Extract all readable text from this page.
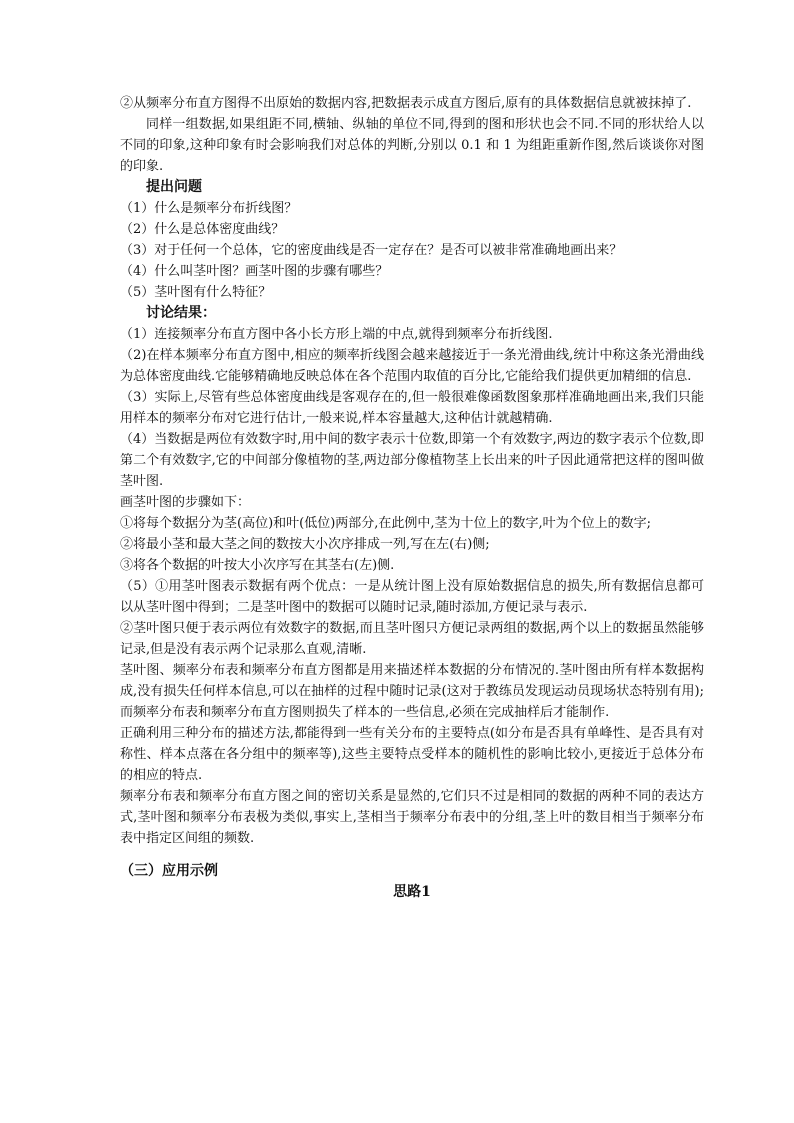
②从频率分布直方图得不出原始的数据内容,把数据表示成直方图后,原有的具体数据信息就被抹掉了.

同样一组数据,如果组距不同,横轴、纵轴的单位不同,得到的图和形状也会不同.不同的形状给人以不同的印象,这种印象有时会影响我们对总体的判断,分别以 0.1 和 1 为组距重新作图,然后谈谈你对图的印象.

提出问题

（1）什么是频率分布折线图？

（2）什么是总体密度曲线？

（3）对于任何一个总体，它的密度曲线是否一定存在？是否可以被非常准确地画出来？

（4）什么叫茎叶图？画茎叶图的步骤有哪些？

（5）茎叶图有什么特征？

讨论结果：

（1）连接频率分布直方图中各小长方形上端的中点,就得到频率分布折线图.

（2)在样本频率分布直方图中,相应的频率折线图会越来越接近于一条光滑曲线,统计中称这条光滑曲线为总体密度曲线.它能够精确地反映总体在各个范围内取值的百分比,它能给我们提供更加精细的信息.

（3）实际上,尽管有些总体密度曲线是客观存在的,但一般很难像函数图象那样准确地画出来,我们只能用样本的频率分布对它进行估计,一般来说,样本容量越大,这种估计就越精确.

（4）当数据是两位有效数字时,用中间的数字表示十位数,即第一个有效数字,两边的数字表示个位数,即第二个有效数字,它的中间部分像植物的茎,两边部分像植物茎上长出来的叶子因此通常把这样的图叫做茎叶图.

画茎叶图的步骤如下：

①将每个数据分为茎(高位)和叶(低位)两部分,在此例中,茎为十位上的数字,叶为个位上的数字;

②将最小茎和最大茎之间的数按大小次序排成一列,写在左(右)侧;

③将各个数据的叶按大小次序写在其茎右(左)侧.

（5）①用茎叶图表示数据有两个优点：一是从统计图上没有原始数据信息的损失,所有数据信息都可以从茎叶图中得到；二是茎叶图中的数据可以随时记录,随时添加,方便记录与表示.

②茎叶图只便于表示两位有效数字的数据,而且茎叶图只方便记录两组的数据,两个以上的数据虽然能够记录,但是没有表示两个记录那么直观,清晰.

茎叶图、频率分布表和频率分布直方图都是用来描述样本数据的分布情况的.茎叶图由所有样本数据构成,没有损失任何样本信息,可以在抽样的过程中随时记录(这对于教练员发现运动员现场状态特别有用);而频率分布表和频率分布直方图则损失了样本的一些信息,必须在完成抽样后才能制作.

正确利用三种分布的描述方法,都能得到一些有关分布的主要特点(如分布是否具有单峰性、是否具有对称性、样本点落在各分组中的频率等),这些主要特点受样本的随机性的影响比较小,更接近于总体分布的相应的特点.

频率分布表和频率分布直方图之间的密切关系是显然的,它们只不过是相同的数据的两种不同的表达方式,茎叶图和频率分布表极为类似,事实上,茎相当于频率分布表中的分组,茎上叶的数目相当于频率分布表中指定区间组的频数.

（三）应用示例

思路1
